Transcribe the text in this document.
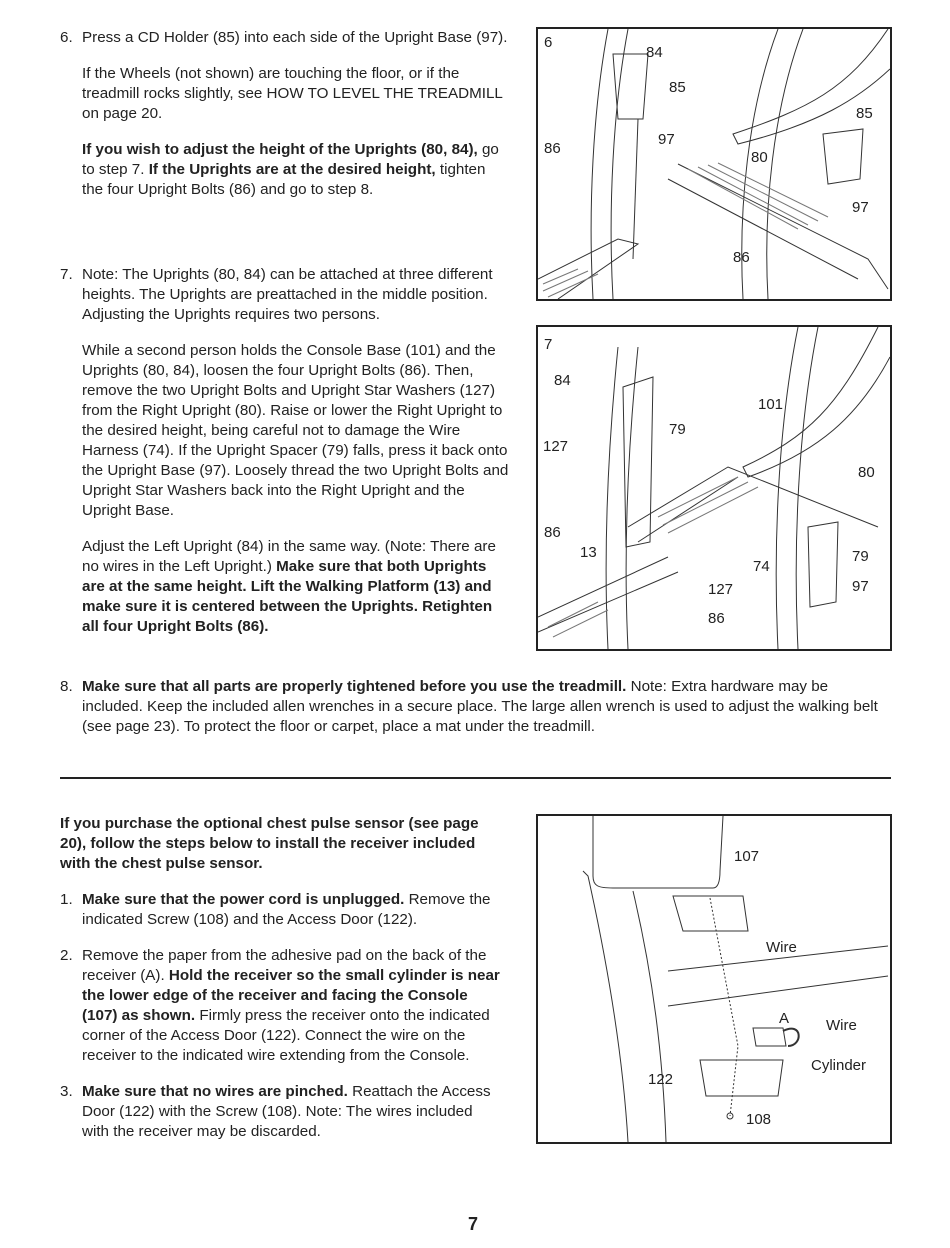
6. Press a CD Holder (85) into each side of the Upright Base (97).

If the Wheels (not shown) are touching the floor, or if the treadmill rocks slightly, see HOW TO LEVEL THE TREADMILL on page 20.

If you wish to adjust the height of the Uprights (80, 84), go to step 7. If the Uprights are at the desired height, tighten the four Upright Bolts (86) and go to step 8.

7. Note: The Uprights (80, 84) can be attached at three different heights. The Uprights are preattached in the middle position. Adjusting the Uprights requires two persons.

While a second person holds the Console Base (101) and the Uprights (80, 84), loosen the four Upright Bolts (86). Then, remove the two Upright Bolts and Upright Star Washers (127) from the Right Upright (80). Raise or lower the Right Upright to the desired height, being careful not to damage the Wire Harness (74). If the Upright Spacer (79) falls, press it back onto the Upright Base (97). Loosely thread the two Upright Bolts and Upright Star Washers back into the Right Upright and the Upright Base.

Adjust the Left Upright (84) in the same way. (Note: There are no wires in the Left Upright.) Make sure that both Uprights are at the same height. Lift the Walking Platform (13) and make sure it is centered between the Uprights. Retighten all four Upright Bolts (86).

8. Make sure that all parts are properly tightened before you use the treadmill. Note: Extra hardware may be included. Keep the included allen wrenches in a secure place. The large allen wrench is used to adjust the walking belt (see page 23). To protect the floor or carpet, place a mat under the treadmill.

If you purchase the optional chest pulse sensor (see page 20), follow the steps below to install the receiver included with the chest pulse sensor.

1. Make sure that the power cord is unplugged. Remove the indicated Screw (108) and the Access Door (122).

2. Remove the paper from the adhesive pad on the back of the receiver (A). Hold the receiver so the small cylinder is near the lower edge of the receiver and facing the Console (107) as shown. Firmly press the receiver onto the indicated corner of the Access Door (122). Connect the wire on the receiver to the indicated wire extending from the Console.

3. Make sure that no wires are pinched. Reattach the Access Door (122) with the Screw (108). Note: The wires included with the receiver may be discarded.

6
84
85
86
97
80
85
97
86
7
84
101
79
127
80
86
13
74
79
127	97
86
107
Wire
A Wire
Cylinder
122
108
7
